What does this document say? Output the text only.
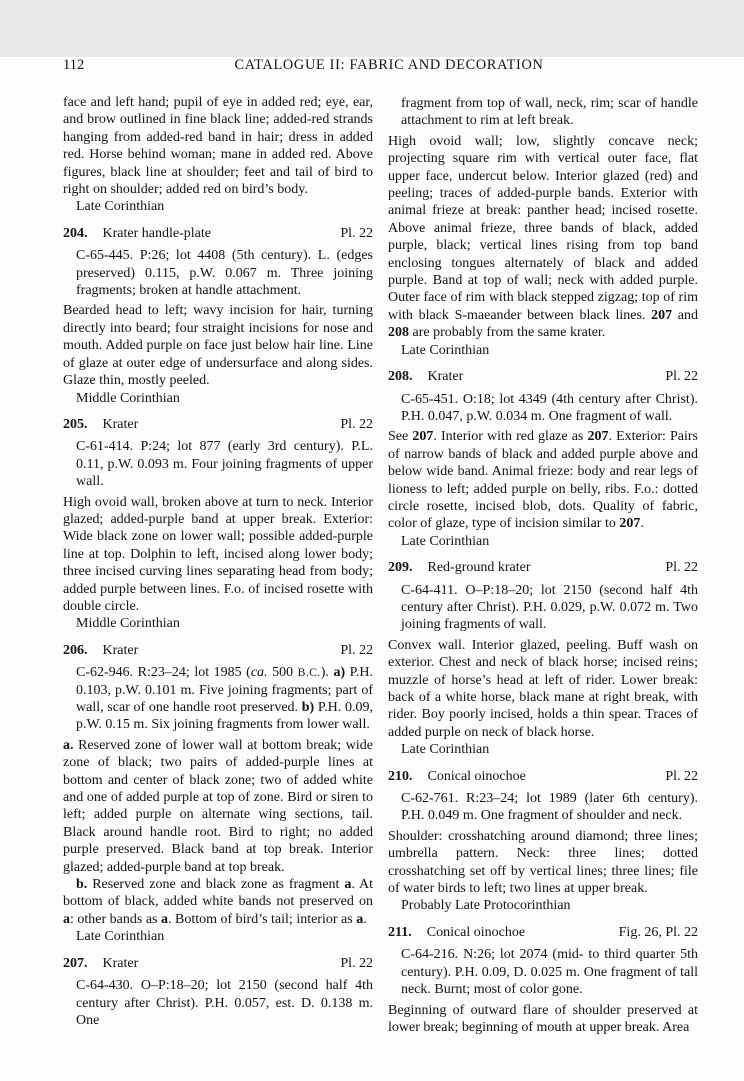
112	CATALOGUE II: FABRIC AND DECORATION

face and left hand; pupil of eye in added red; eye, ear, and brow outlined in fine black line; added-red strands hanging from added-red band in hair; dress in added red. Horse behind woman; mane in added red. Above figures, black line at shoulder; feet and tail of bird to right on shoulder; added red on bird’s body.

Late Corinthian

204. Krater handle-plate	Pl. 22

C-65-445. P:26; lot 4408 (5th century). L. (edges preserved) 0.115, p.W. 0.067 m. Three joining fragments; broken at handle attachment.

Bearded head to left; wavy incision for hair, turning directly into beard; four straight incisions for nose and mouth. Added purple on face just below hair line. Line of glaze at outer edge of undersurface and along sides. Glaze thin, mostly peeled.

Middle Corinthian

205. Krater	Pl. 22

C-61-414. P:24; lot 877 (early 3rd century). P.L. 0.11, p.W. 0.093 m. Four joining fragments of upper wall.

High ovoid wall, broken above at turn to neck. Interior glazed; added-purple band at upper break. Exterior: Wide black zone on lower wall; possible added-purple line at top. Dolphin to left, incised along lower body; three incised curving lines separating head from body; added purple between lines. F.o. of incised rosette with double circle.

Middle Corinthian

206. Krater	Pl. 22

C-62-946. R:23–24; lot 1985 (ca. 500 B.C.). a) P.H. 0.103, p.W. 0.101 m. Five joining fragments; part of wall, scar of one handle root preserved. b) P.H. 0.09, p.W. 0.15 m. Six joining fragments from lower wall.

a. Reserved zone of lower wall at bottom break; wide zone of black; two pairs of added-purple lines at bottom and center of black zone; two of added white and one of added purple at top of zone. Bird or siren to left; added purple on alternate wing sections, tail. Black around handle root. Bird to right; no added purple preserved. Black band at top break. Interior glazed; added-purple band at top break.

b. Reserved zone and black zone as fragment a. At bottom of black, added white bands not preserved on a: other bands as a. Bottom of bird’s tail; interior as a.

Late Corinthian

207. Krater	Pl. 22

C-64-430. O–P:18–20; lot 2150 (second half 4th century after Christ). P.H. 0.057, est. D. 0.138 m. One

fragment from top of wall, neck, rim; scar of handle attachment to rim at left break.

High ovoid wall; low, slightly concave neck; projecting square rim with vertical outer face, flat upper face, undercut below. Interior glazed (red) and peeling; traces of added-purple bands. Exterior with animal frieze at break: panther head; incised rosette. Above animal frieze, three bands of black, added purple, black; vertical lines rising from top band enclosing tongues alternately of black and added purple. Band at top of wall; neck with added purple. Outer face of rim with black stepped zigzag; top of rim with black S-maeander between black lines. 207 and 208 are probably from the same krater.

Late Corinthian

208. Krater	Pl. 22

C-65-451. O:18; lot 4349 (4th century after Christ). P.H. 0.047, p.W. 0.034 m. One fragment of wall.

See 207. Interior with red glaze as 207. Exterior: Pairs of narrow bands of black and added purple above and below wide band. Animal frieze: body and rear legs of lioness to left; added purple on belly, ribs. F.o.: dotted circle rosette, incised blob, dots. Quality of fabric, color of glaze, type of incision similar to 207.

Late Corinthian

209. Red-ground krater	Pl. 22

C-64-411. O–P:18–20; lot 2150 (second half 4th century after Christ). P.H. 0.029, p.W. 0.072 m. Two joining fragments of wall.

Convex wall. Interior glazed, peeling. Buff wash on exterior. Chest and neck of black horse; incised reins; muzzle of horse’s head at left of rider. Lower break: back of a white horse, black mane at right break, with rider. Boy poorly incised, holds a thin spear. Traces of added purple on neck of black horse.

Late Corinthian

210. Conical oinochoe	Pl. 22

C-62-761. R:23–24; lot 1989 (later 6th century). P.H. 0.049 m. One fragment of shoulder and neck.

Shoulder: crosshatching around diamond; three lines; umbrella pattern. Neck: three lines; dotted crosshatching set off by vertical lines; three lines; file of water birds to left; two lines at upper break.

Probably Late Protocorinthian

211. Conical oinochoe	Fig. 26, Pl. 22

C-64-216. N:26; lot 2074 (mid- to third quarter 5th century). P.H. 0.09, D. 0.025 m. One fragment of tall neck. Burnt; most of color gone.

Beginning of outward flare of shoulder preserved at lower break; beginning of mouth at upper break. Area
